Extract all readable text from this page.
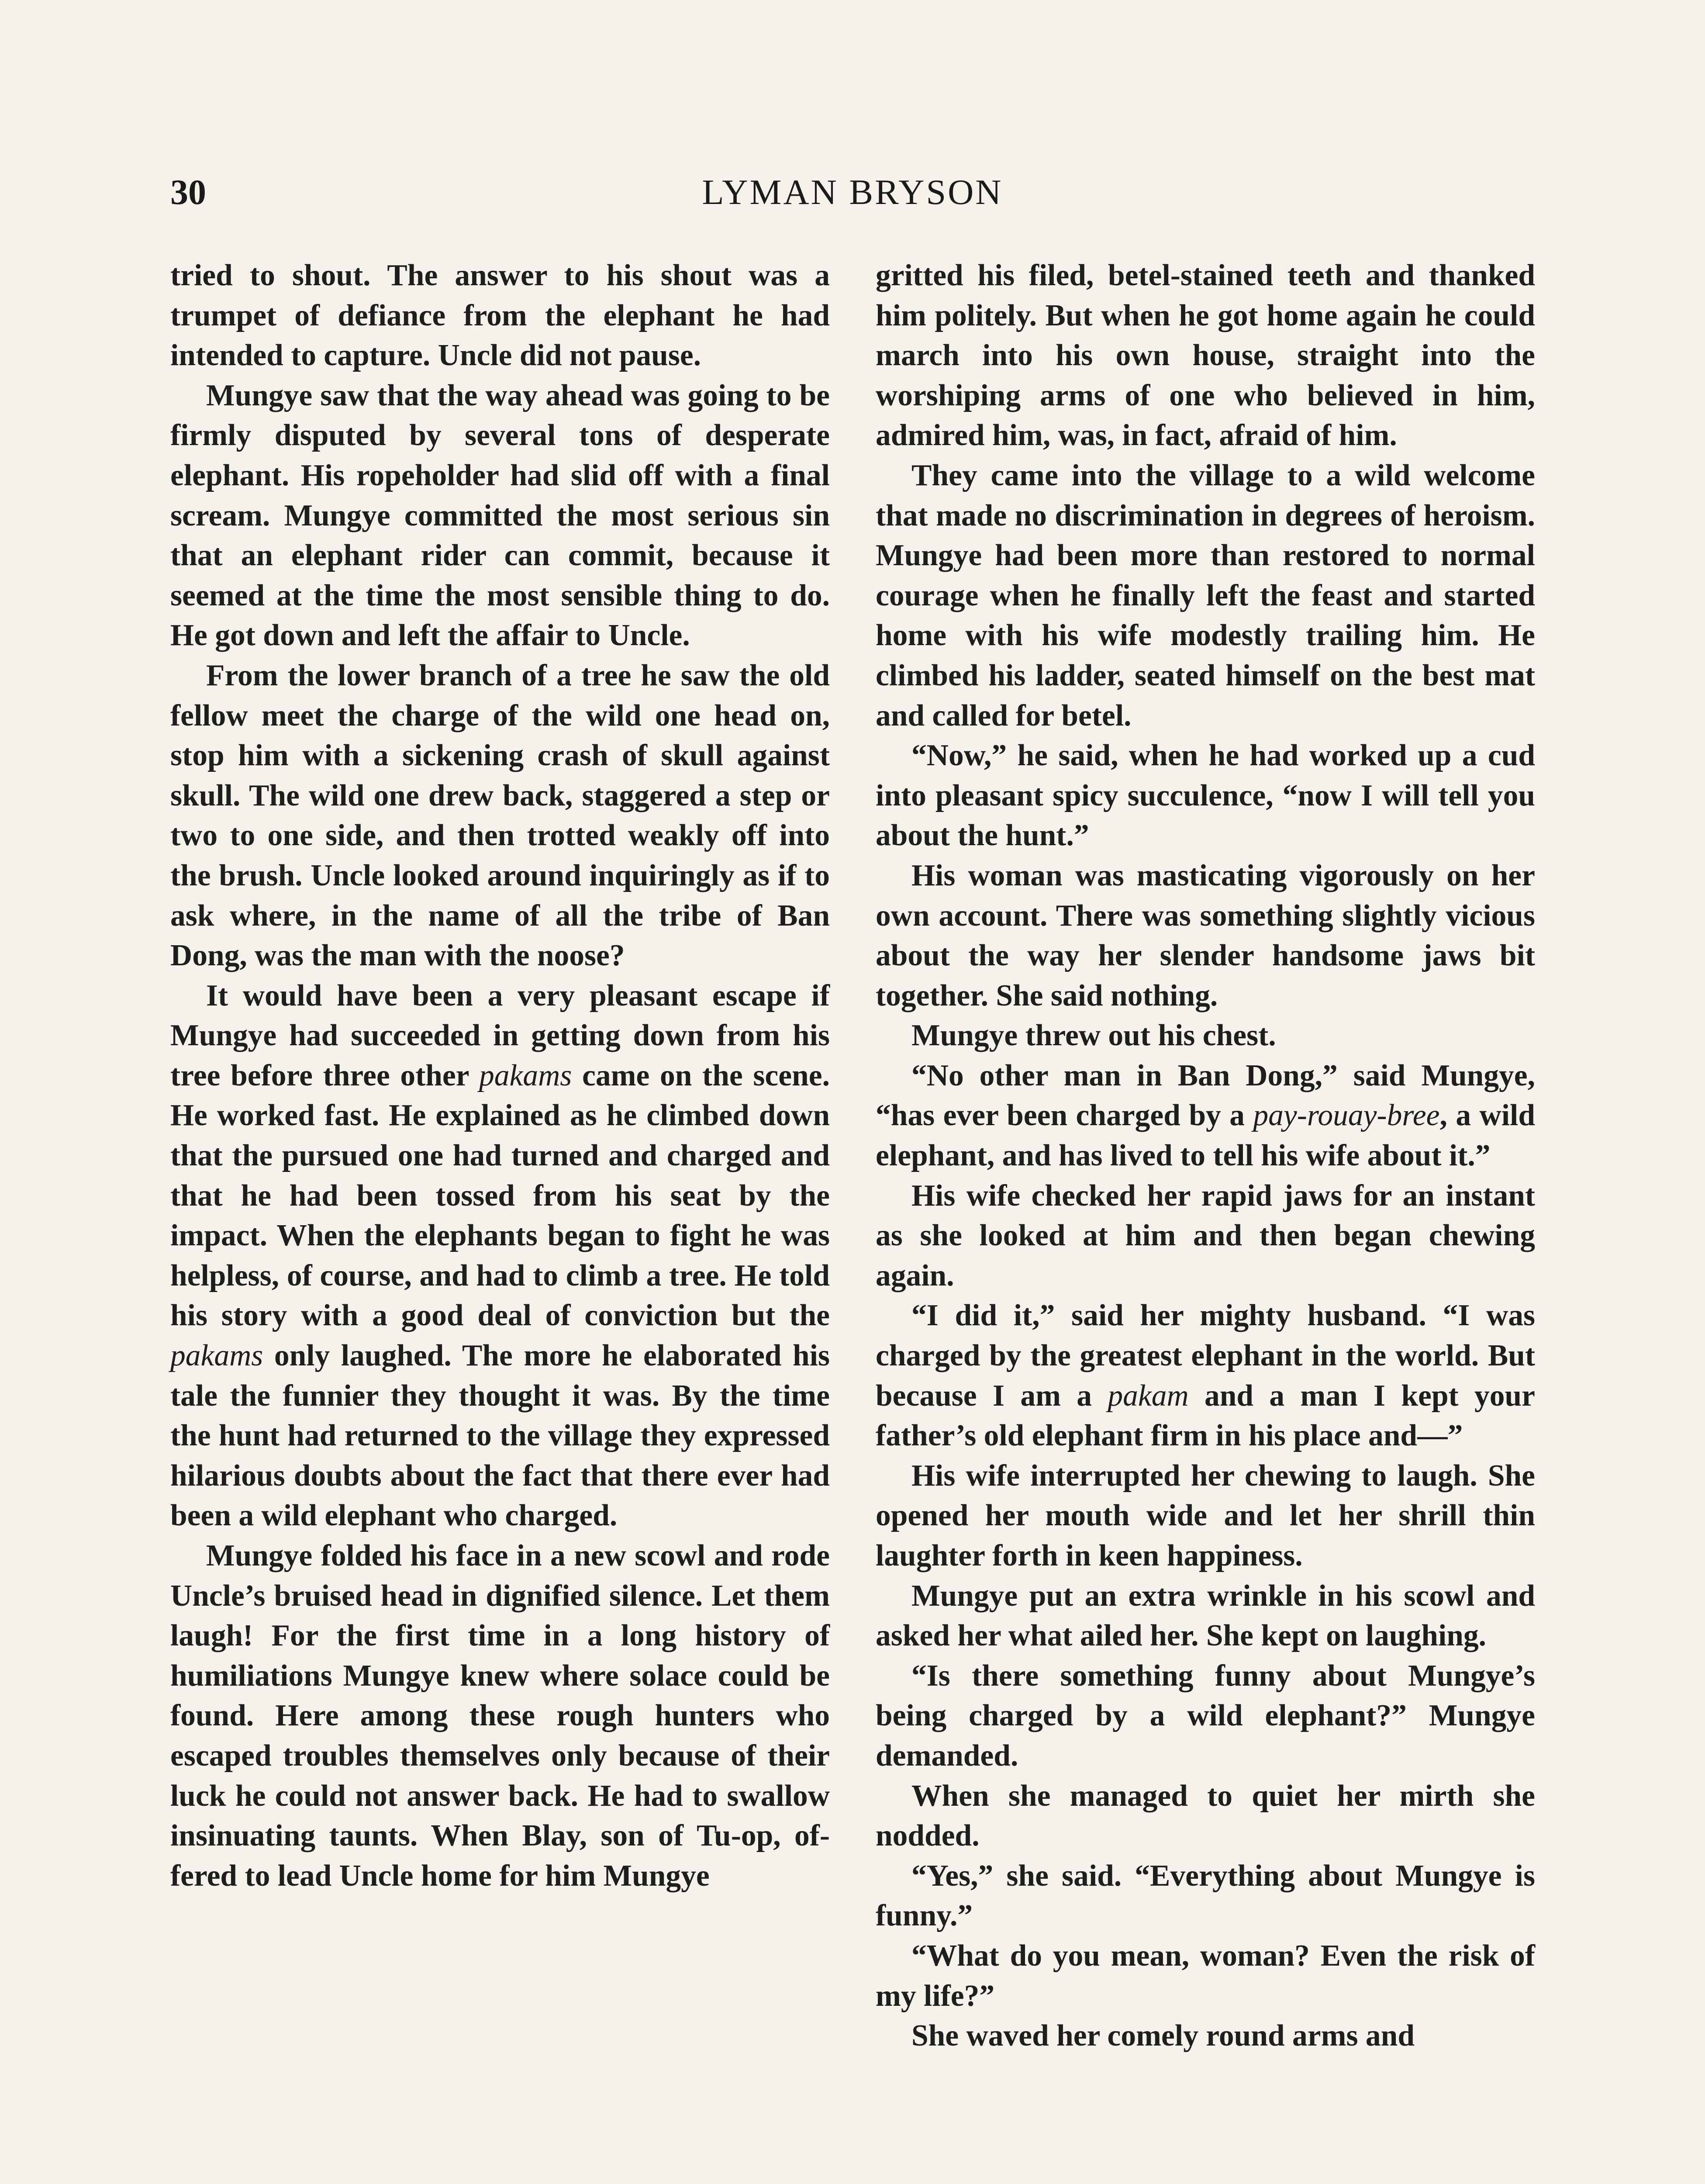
30	LYMAN BRYSON

tried to shout. The answer to his shout was a trumpet of defiance from the elephant he had intended to capture. Uncle did not pause.

Mungye saw that the way ahead was going to be firmly disputed by several tons of desperate elephant. His ropeholder had slid off with a final scream. Mungye committed the most serious sin that an elephant rider can commit, because it seemed at the time the most sensible thing to do. He got down and left the affair to Uncle.

From the lower branch of a tree he saw the old fellow meet the charge of the wild one head on, stop him with a sickening crash of skull against skull. The wild one drew back, staggered a step or two to one side, and then trotted weakly off into the brush. Uncle looked around inquiringly as if to ask where, in the name of all the tribe of Ban Dong, was the man with the noose?

It would have been a very pleasant escape if Mungye had succeeded in getting down from his tree before three other pakams came on the scene. He worked fast. He explained as he climbed down that the pursued one had turned and charged and that he had been tossed from his seat by the impact. When the elephants began to fight he was helpless, of course, and had to climb a tree. He told his story with a good deal of conviction but the pakams only laughed. The more he elaborated his tale the funnier they thought it was. By the time the hunt had returned to the village they expressed hilarious doubts about the fact that there ever had been a wild elephant who charged.

Mungye folded his face in a new scowl and rode Uncle’s bruised head in dignified silence. Let them laugh! For the first time in a long history of humiliations Mungye knew where solace could be found. Here among these rough hunters who escaped troubles themselves only because of their luck he could not answer back. He had to swallow insinuating taunts. When Blay, son of Tu-op, offered to lead Uncle home for him Mungye

gritted his filed, betel-stained teeth and thanked him politely. But when he got home again he could march into his own house, straight into the worshiping arms of one who believed in him, admired him, was, in fact, afraid of him.

They came into the village to a wild welcome that made no discrimination in degrees of heroism. Mungye had been more than restored to normal courage when he finally left the feast and started home with his wife modestly trailing him. He climbed his ladder, seated himself on the best mat and called for betel.

“Now,” he said, when he had worked up a cud into pleasant spicy succulence, “now I will tell you about the hunt.”

His woman was masticating vigorously on her own account. There was something slightly vicious about the way her slender handsome jaws bit together. She said nothing.

Mungye threw out his chest.

“No other man in Ban Dong,” said Mungye, “has ever been charged by a pay-rouay-bree, a wild elephant, and has lived to tell his wife about it.”

His wife checked her rapid jaws for an instant as she looked at him and then began chewing again.

“I did it,” said her mighty husband. “I was charged by the greatest elephant in the world. But because I am a pakam and a man I kept your father’s old elephant firm in his place and—”

His wife interrupted her chewing to laugh. She opened her mouth wide and let her shrill thin laughter forth in keen happiness.

Mungye put an extra wrinkle in his scowl and asked her what ailed her. She kept on laughing.

“Is there something funny about Mungye’s being charged by a wild elephant?” Mungye demanded.

When she managed to quiet her mirth she nodded.

“Yes,” she said. “Everything about Mungye is funny.”

“What do you mean, woman? Even the risk of my life?”

She waved her comely round arms and
